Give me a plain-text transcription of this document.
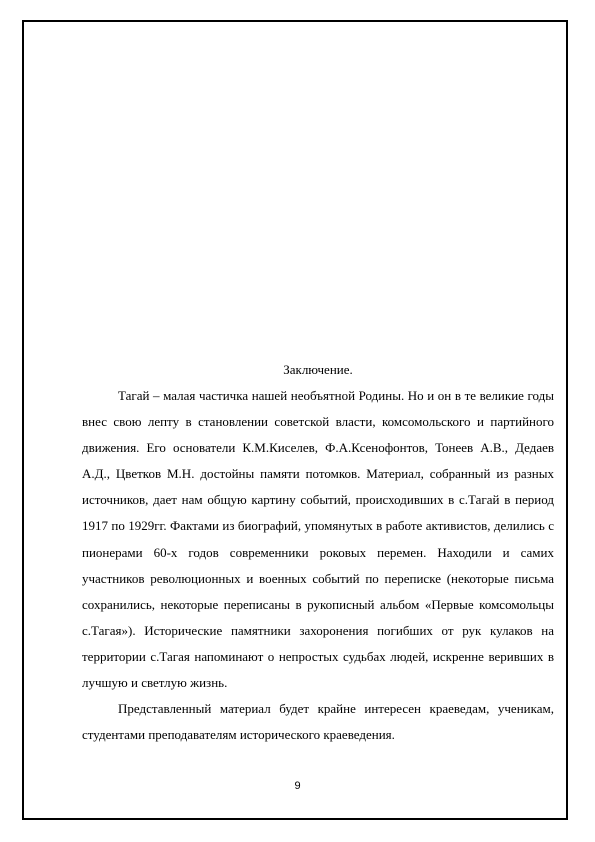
Заключение.

Тагай – малая частичка нашей необъятной Родины. Но и он в те великие годы внес свою лепту в становлении советской власти, комсомольского и партийного движения. Его основатели К.М.Киселев, Ф.А.Ксенофонтов, Тонеев А.В., Дедаев А.Д., Цветков М.Н. достойны памяти потомков. Материал, собранный из разных источников, дает нам общую картину событий, происходивших в с.Тагай в период 1917 по 1929гг. Фактами из биографий, упомянутых в работе активистов, делились с пионерами 60-х годов современники роковых перемен. Находили и самих участников революционных и военных событий по переписке (некоторые письма сохранились, некоторые переписаны в рукописный альбом «Первые комсомольцы с.Тагая»). Исторические памятники захоронения погибших от рук кулаков на территории с.Тагая напоминают о непростых судьбах людей, искренне веривших в лучшую и светлую жизнь.

Представленный материал будет крайне интересен краеведам, ученикам, студентами преподавателям исторического краеведения.

9
